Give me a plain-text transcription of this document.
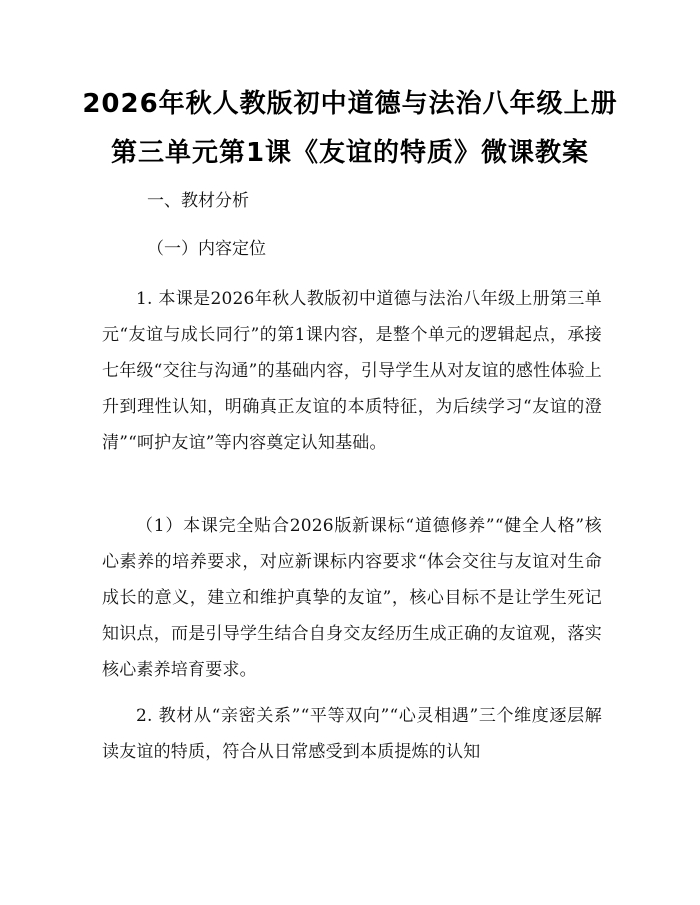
2026年秋人教版初中道德与法治八年级上册
第三单元第1课《友谊的特质》微课教案
一、教材分析
（一）内容定位
1. 本课是2026年秋人教版初中道德与法治八年级上册第三单元“友谊与成长同行”的第1课内容，是整个单元的逻辑起点，承接七年级“交往与沟通”的基础内容，引导学生从对友谊的感性体验上升到理性认知，明确真正友谊的本质特征，为后续学习“友谊的澄清”“呵护友谊”等内容奠定认知基础。
（1）本课完全贴合2026版新课标“道德修养”“健全人格”核心素养的培养要求，对应新课标内容要求“体会交往与友谊对生命成长的意义，建立和维护真挚的友谊”，核心目标不是让学生死记知识点，而是引导学生结合自身交友经历生成正确的友谊观，落实核心素养培育要求。
2. 教材从“亲密关系”“平等双向”“心灵相遇”三个维度逐层解读友谊的特质，符合从日常感受到本质提炼的认知
